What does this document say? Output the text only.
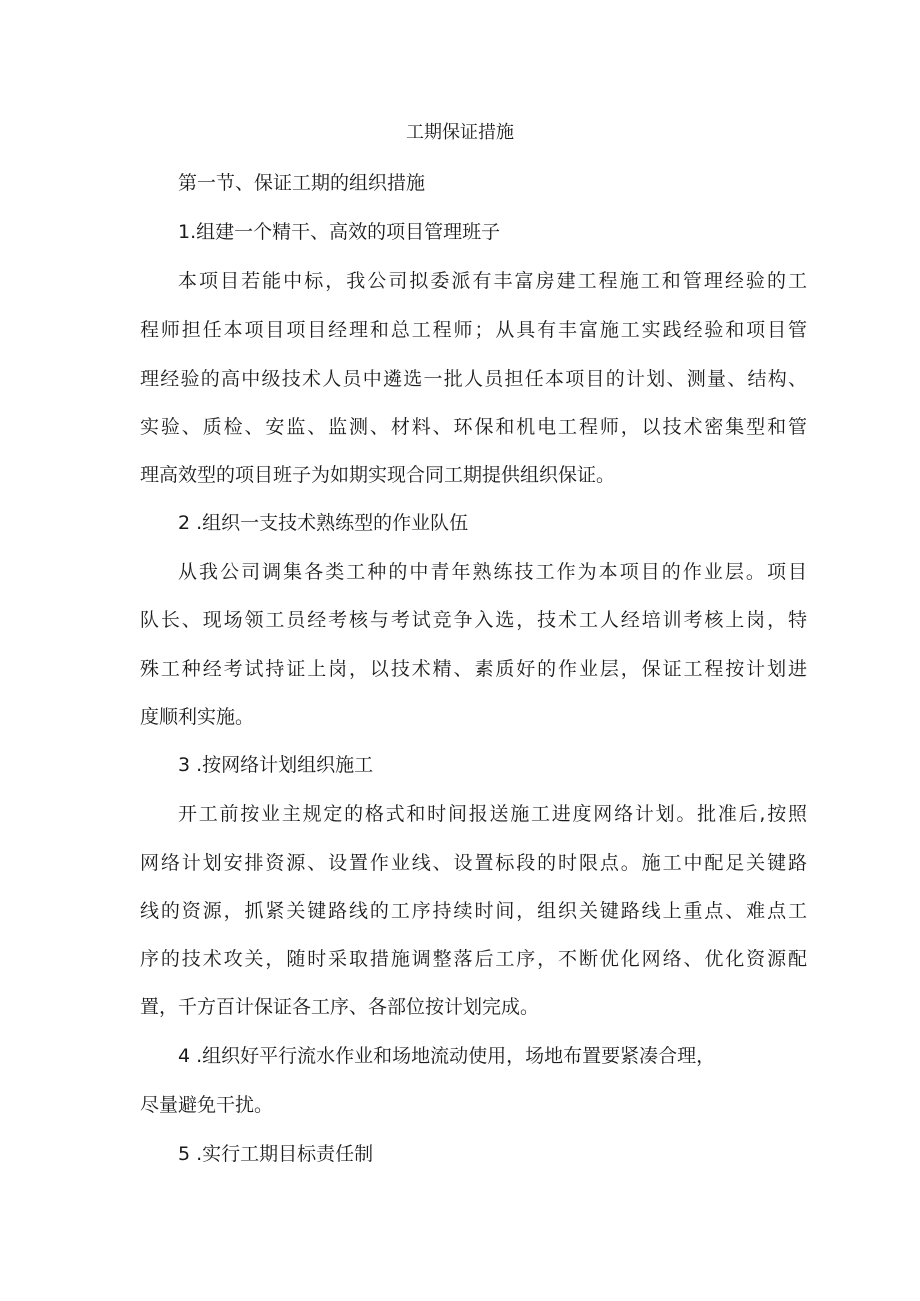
工期保证措施

第一节、保证工期的组织措施

1.组建一个精干、高效的项目管理班子

本项目若能中标，我公司拟委派有丰富房建工程施工和管理经验的工

程师担任本项目项目经理和总工程师；从具有丰富施工实践经验和项目管

理经验的高中级技术人员中遴选一批人员担任本项目的计划、测量、结构、

实验、质检、安监、监测、材料、环保和机电工程师，以技术密集型和管

理高效型的项目班子为如期实现合同工期提供组织保证。

2 .组织一支技术熟练型的作业队伍

从我公司调集各类工种的中青年熟练技工作为本项目的作业层。项目

队长、现场领工员经考核与考试竞争入选，技术工人经培训考核上岗，特

殊工种经考试持证上岗，以技术精、素质好的作业层，保证工程按计划进

度顺利实施。

3 .按网络计划组织施工

开工前按业主规定的格式和时间报送施工进度网络计划。批准后,按照

网络计划安排资源、设置作业线、设置标段的时限点。施工中配足关键路

线的资源，抓紧关键路线的工序持续时间，组织关键路线上重点、难点工

序的技术攻关，随时采取措施调整落后工序，不断优化网络、优化资源配

置，千方百计保证各工序、各部位按计划完成。

4 .组织好平行流水作业和场地流动使用，场地布置要紧凑合理，

尽量避免干扰。

5 .实行工期目标责任制
